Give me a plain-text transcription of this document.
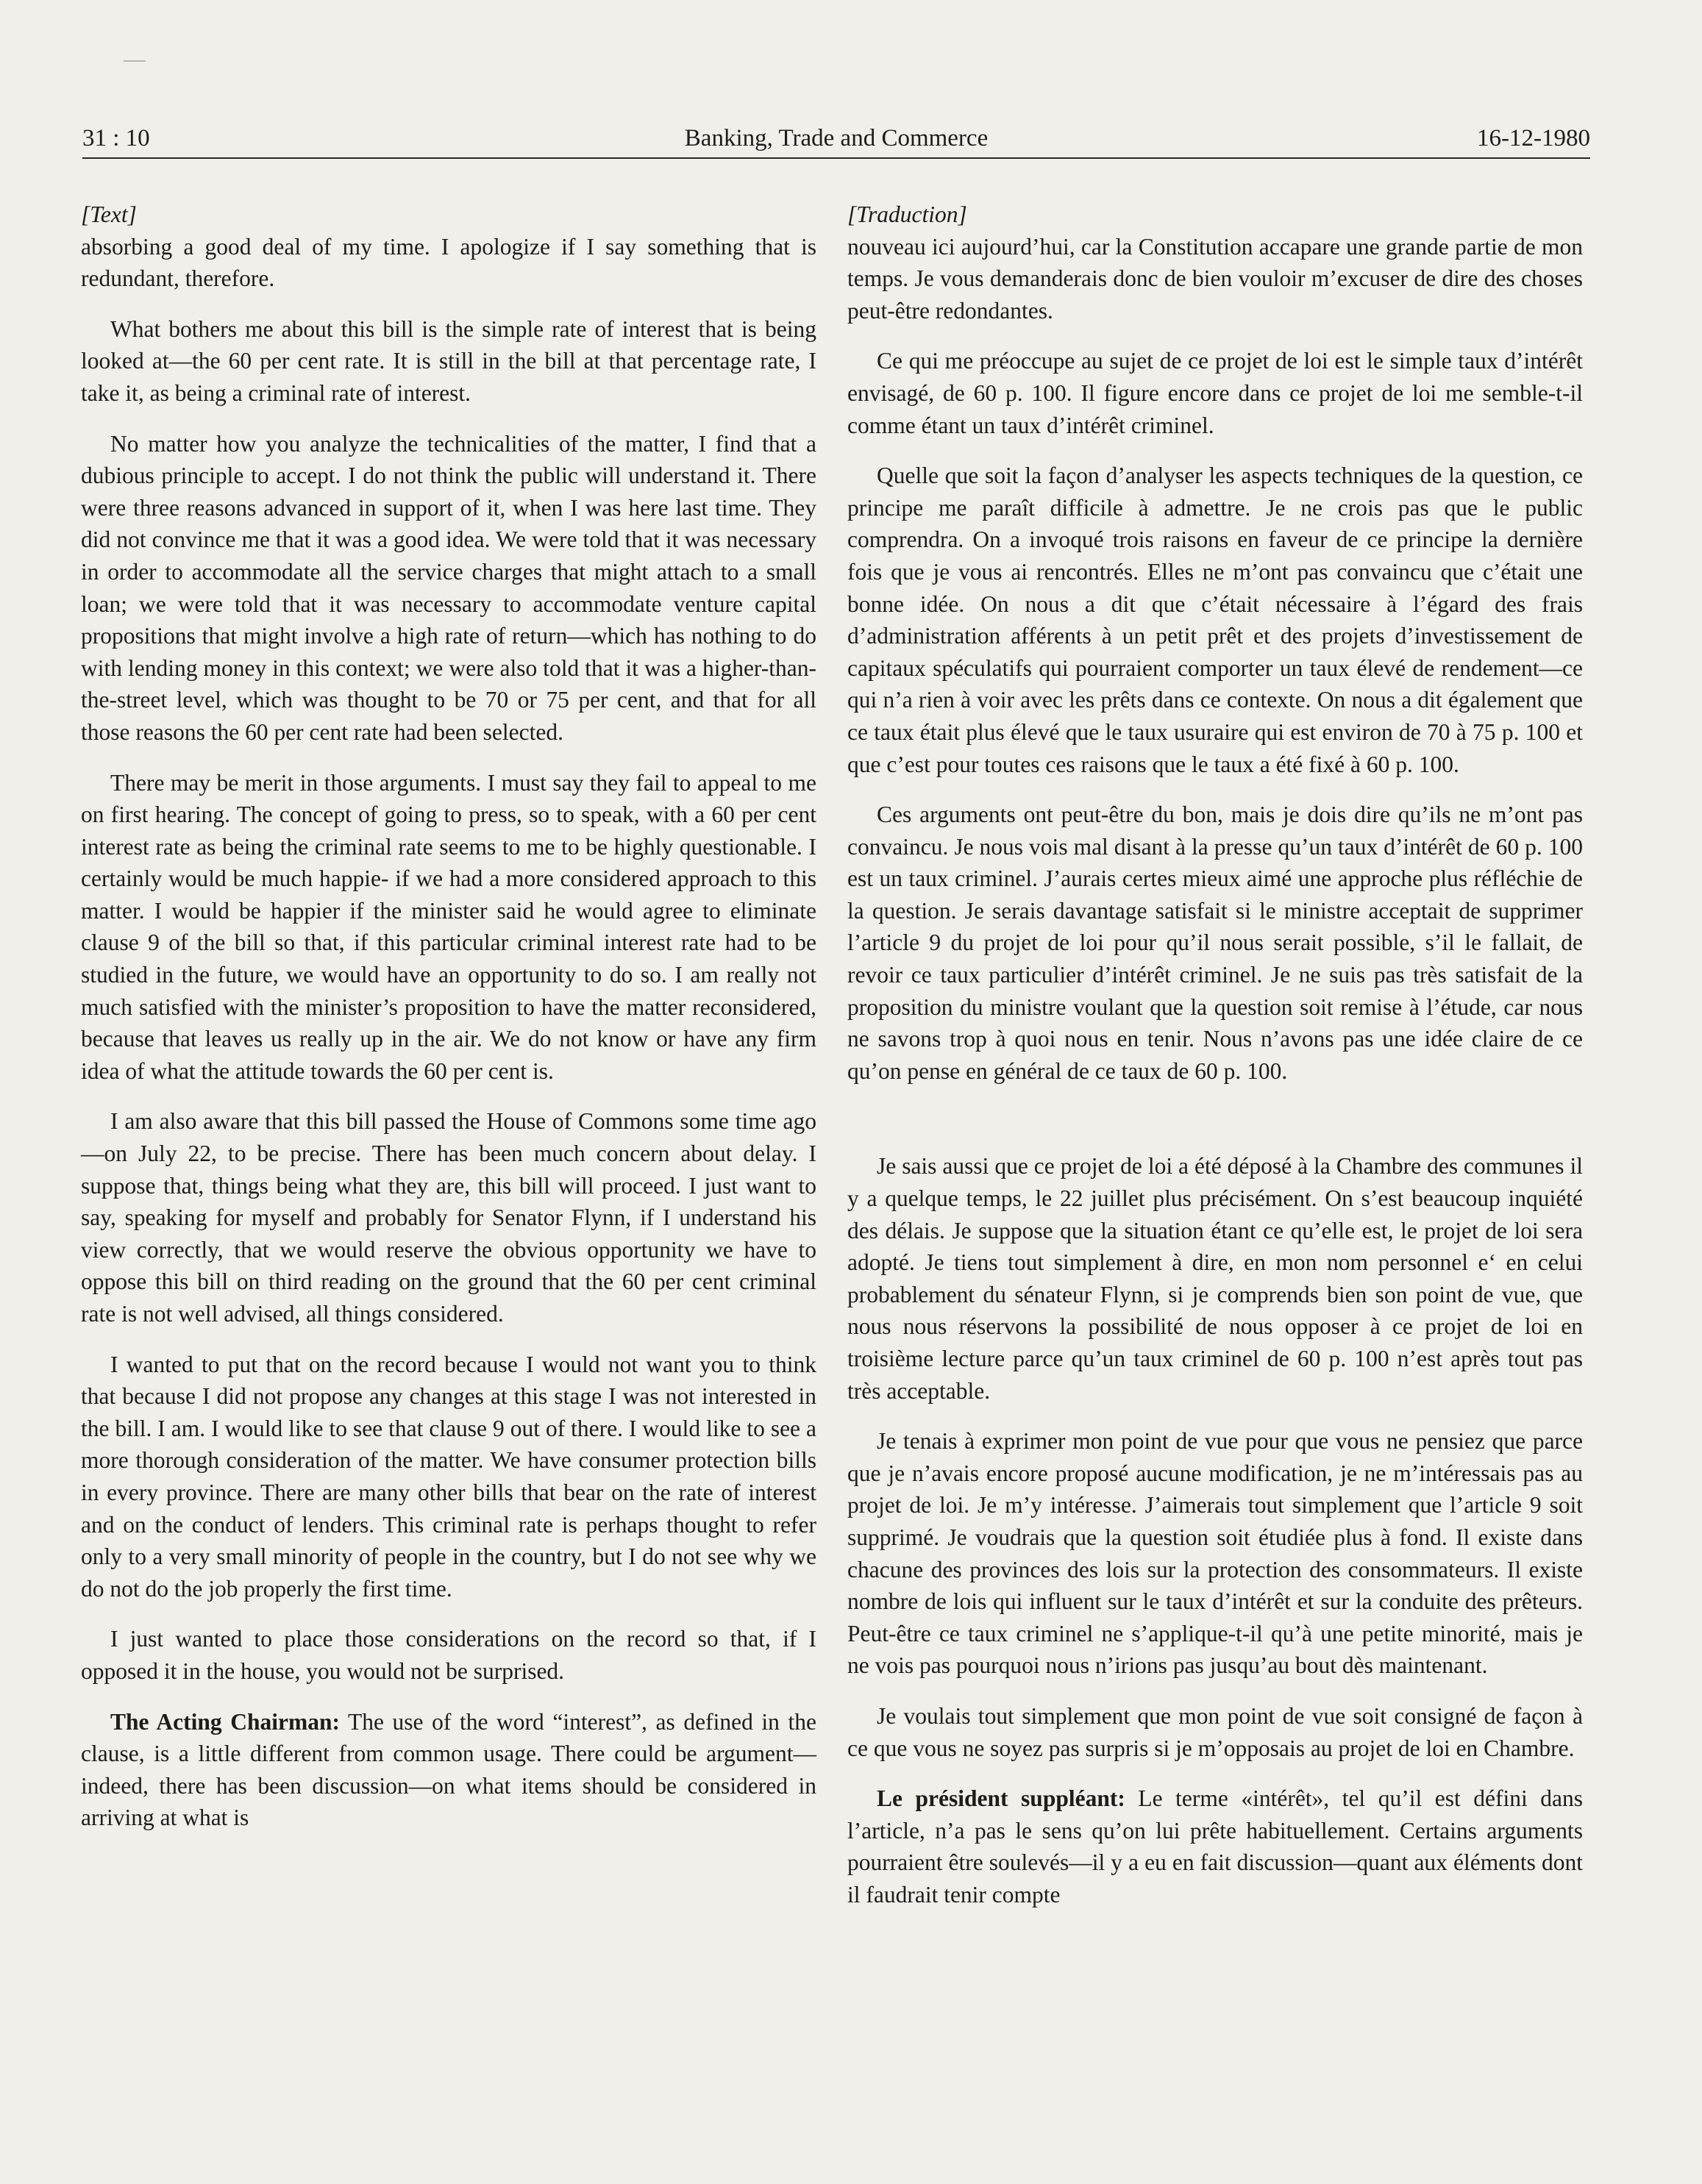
31 : 10	Banking, Trade and Commerce	16-12-1980

[Text]

absorbing a good deal of my time. I apologize if I say something that is redundant, therefore.

What bothers me about this bill is the simple rate of interest that is being looked at—the 60 per cent rate. It is still in the bill at that percentage rate, I take it, as being a criminal rate of interest.

No matter how you analyze the technicalities of the matter, I find that a dubious principle to accept. I do not think the public will understand it. There were three reasons advanced in support of it, when I was here last time. They did not convince me that it was a good idea. We were told that it was necessary in order to accommodate all the service charges that might attach to a small loan; we were told that it was necessary to accommodate venture capital propositions that might involve a high rate of return—which has nothing to do with lending money in this context; we were also told that it was a higher-than-the-street level, which was thought to be 70 or 75 per cent, and that for all those reasons the 60 per cent rate had been selected.

There may be merit in those arguments. I must say they fail to appeal to me on first hearing. The concept of going to press, so to speak, with a 60 per cent interest rate as being the criminal rate seems to me to be highly questionable. I certainly would be much happie- if we had a more considered approach to this matter. I would be happier if the minister said he would agree to eliminate clause 9 of the bill so that, if this particular criminal interest rate had to be studied in the future, we would have an opportunity to do so. I am really not much satisfied with the minister’s proposition to have the matter reconsidered, because that leaves us really up in the air. We do not know or have any firm idea of what the attitude towards the 60 per cent is.

I am also aware that this bill passed the House of Commons some time ago—on July 22, to be precise. There has been much concern about delay. I suppose that, things being what they are, this bill will proceed. I just want to say, speaking for myself and probably for Senator Flynn, if I understand his view correctly, that we would reserve the obvious opportunity we have to oppose this bill on third reading on the ground that the 60 per cent criminal rate is not well advised, all things considered.

I wanted to put that on the record because I would not want you to think that because I did not propose any changes at this stage I was not interested in the bill. I am. I would like to see that clause 9 out of there. I would like to see a more thorough consideration of the matter. We have consumer protection bills in every province. There are many other bills that bear on the rate of interest and on the conduct of lenders. This criminal rate is perhaps thought to refer only to a very small minority of people in the country, but I do not see why we do not do the job properly the first time.

I just wanted to place those considerations on the record so that, if I opposed it in the house, you would not be surprised.

The Acting Chairman: The use of the word “interest”, as defined in the clause, is a little different from common usage. There could be argument—indeed, there has been discussion—on what items should be considered in arriving at what is

[Traduction]

nouveau ici aujourd’hui, car la Constitution accapare une grande partie de mon temps. Je vous demanderais donc de bien vouloir m’excuser de dire des choses peut-être redondantes.

Ce qui me préoccupe au sujet de ce projet de loi est le simple taux d’intérêt envisagé, de 60 p. 100. Il figure encore dans ce projet de loi me semble-t-il comme étant un taux d’intérêt criminel.

Quelle que soit la façon d’analyser les aspects techniques de la question, ce principe me paraît difficile à admettre. Je ne crois pas que le public comprendra. On a invoqué trois raisons en faveur de ce principe la dernière fois que je vous ai rencontrés. Elles ne m’ont pas convaincu que c’était une bonne idée. On nous a dit que c’était nécessaire à l’égard des frais d’administration afférents à un petit prêt et des projets d’investissement de capitaux spéculatifs qui pourraient comporter un taux élevé de rendement—ce qui n’a rien à voir avec les prêts dans ce contexte. On nous a dit également que ce taux était plus élevé que le taux usuraire qui est environ de 70 à 75 p. 100 et que c’est pour toutes ces raisons que le taux a été fixé à 60 p. 100.

Ces arguments ont peut-être du bon, mais je dois dire qu’ils ne m’ont pas convaincu. Je nous vois mal disant à la presse qu’un taux d’intérêt de 60 p. 100 est un taux criminel. J’aurais certes mieux aimé une approche plus réfléchie de la question. Je serais davantage satisfait si le ministre acceptait de supprimer l’article 9 du projet de loi pour qu’il nous serait possible, s’il le fallait, de revoir ce taux particulier d’intérêt criminel. Je ne suis pas très satisfait de la proposition du ministre voulant que la question soit remise à l’étude, car nous ne savons trop à quoi nous en tenir. Nous n’avons pas une idée claire de ce qu’on pense en général de ce taux de 60 p. 100.

Je sais aussi que ce projet de loi a été déposé à la Chambre des communes il y a quelque temps, le 22 juillet plus précisément. On s’est beaucoup inquiété des délais. Je suppose que la situation étant ce qu’elle est, le projet de loi sera adopté. Je tiens tout simplement à dire, en mon nom personnel e‘ en celui probablement du sénateur Flynn, si je comprends bien son point de vue, que nous nous réservons la possibilité de nous opposer à ce projet de loi en troisième lecture parce qu’un taux criminel de 60 p. 100 n’est après tout pas très acceptable.

Je tenais à exprimer mon point de vue pour que vous ne pensiez que parce que je n’avais encore proposé aucune modification, je ne m’intéressais pas au projet de loi. Je m’y intéresse. J’aimerais tout simplement que l’article 9 soit supprimé. Je voudrais que la question soit étudiée plus à fond. Il existe dans chacune des provinces des lois sur la protection des consommateurs. Il existe nombre de lois qui influent sur le taux d’intérêt et sur la conduite des prêteurs. Peut-être ce taux criminel ne s’applique-t-il qu’à une petite minorité, mais je ne vois pas pourquoi nous n’irions pas jusqu’au bout dès maintenant.

Je voulais tout simplement que mon point de vue soit consigné de façon à ce que vous ne soyez pas surpris si je m’opposais au projet de loi en Chambre.

Le président suppléant: Le terme «intérêt», tel qu’il est défini dans l’article, n’a pas le sens qu’on lui prête habituellement. Certains arguments pourraient être soulevés—il y a eu en fait discussion—quant aux éléments dont il faudrait tenir compte
